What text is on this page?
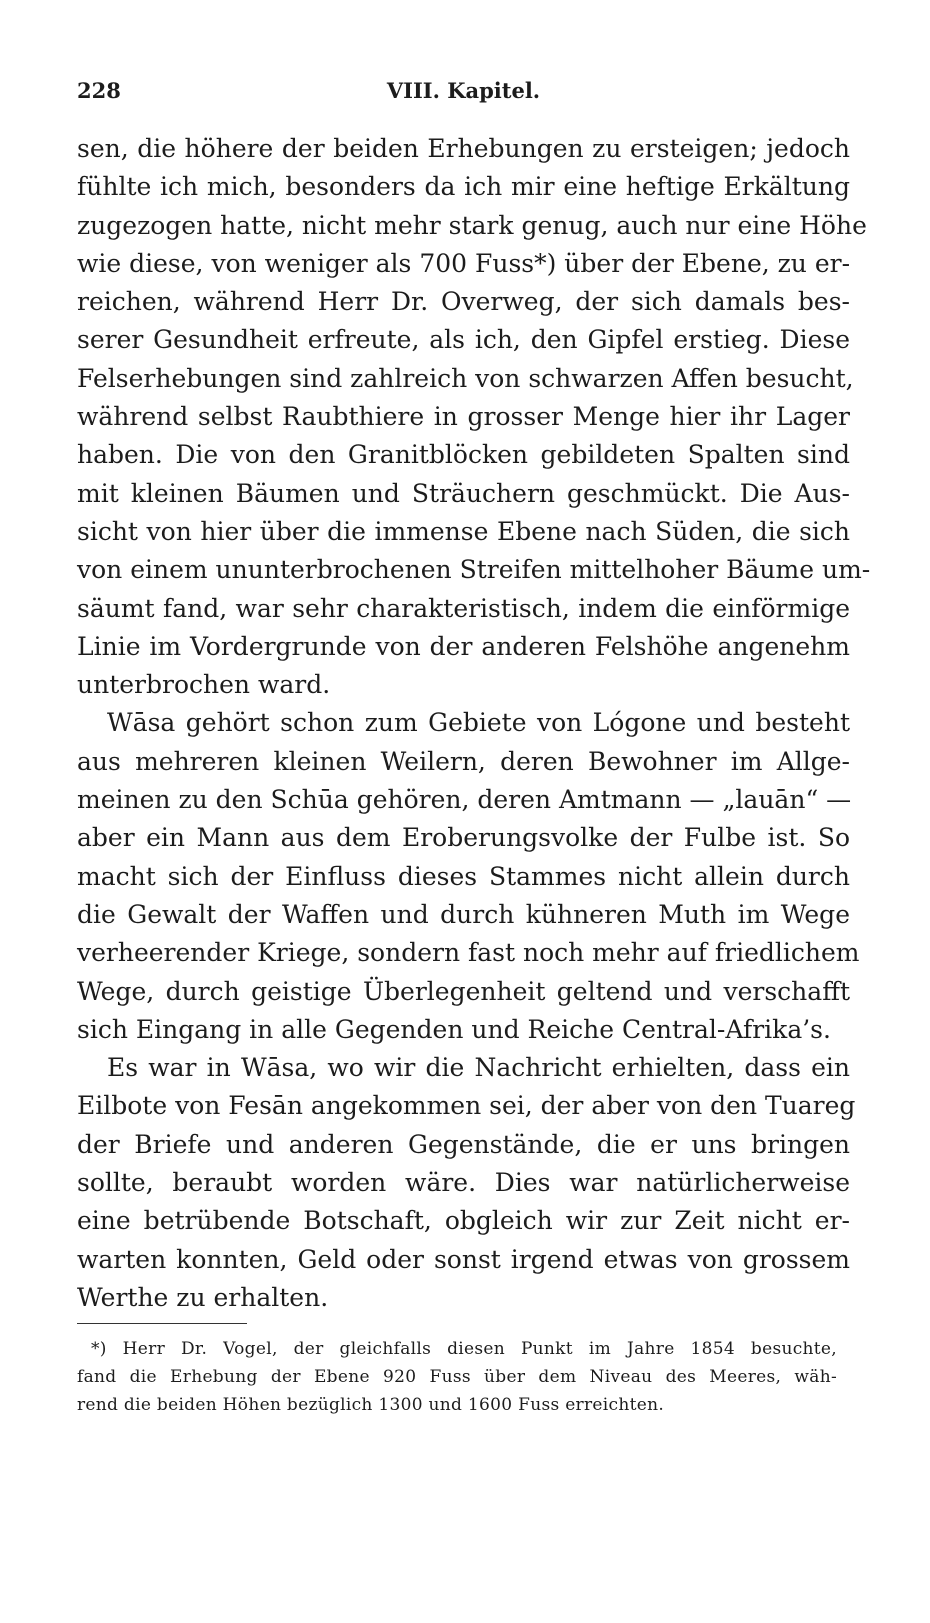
228	VIII. Kapitel.
sen, die höhere der beiden Erhebungen zu ersteigen; jedoch
fühlte ich mich, besonders da ich mir eine heftige Erkältung
zugezogen hatte, nicht mehr stark genug, auch nur eine Höhe
wie diese, von weniger als 700 Fuss*) über der Ebene, zu er-
reichen, während Herr Dr. Overweg, der sich damals bes-
serer Gesundheit erfreute, als ich, den Gipfel erstieg. Diese
Felserhebungen sind zahlreich von schwarzen Affen besucht,
während selbst Raubthiere in grosser Menge hier ihr Lager
haben. Die von den Granitblöcken gebildeten Spalten sind
mit kleinen Bäumen und Sträuchern geschmückt. Die Aus-
sicht von hier über die immense Ebene nach Süden, die sich
von einem ununterbrochenen Streifen mittelhoher Bäume um-
säumt fand, war sehr charakteristisch, indem die einförmige
Linie im Vordergrunde von der anderen Felshöhe angenehm
unterbrochen ward.
Wāsa gehört schon zum Gebiete von Lógone und besteht
aus mehreren kleinen Weilern, deren Bewohner im Allge-
meinen zu den Schūa gehören, deren Amtmann — „lauān“ —
aber ein Mann aus dem Eroberungsvolke der Fulbe ist. So
macht sich der Einfluss dieses Stammes nicht allein durch
die Gewalt der Waffen und durch kühneren Muth im Wege
verheerender Kriege, sondern fast noch mehr auf friedlichem
Wege, durch geistige Überlegenheit geltend und verschafft
sich Eingang in alle Gegenden und Reiche Central-Afrika’s.
Es war in Wāsa, wo wir die Nachricht erhielten, dass ein
Eilbote von Fesān angekommen sei, der aber von den Tuareg
der Briefe und anderen Gegenstände, die er uns bringen
sollte, beraubt worden wäre. Dies war natürlicherweise
eine betrübende Botschaft, obgleich wir zur Zeit nicht er-
warten konnten, Geld oder sonst irgend etwas von grossem
Werthe zu erhalten.
*) Herr Dr. Vogel, der gleichfalls diesen Punkt im Jahre 1854 besuchte,
fand die Erhebung der Ebene 920 Fuss über dem Niveau des Meeres, wäh-
rend die beiden Höhen bezüglich 1300 und 1600 Fuss erreichten.
